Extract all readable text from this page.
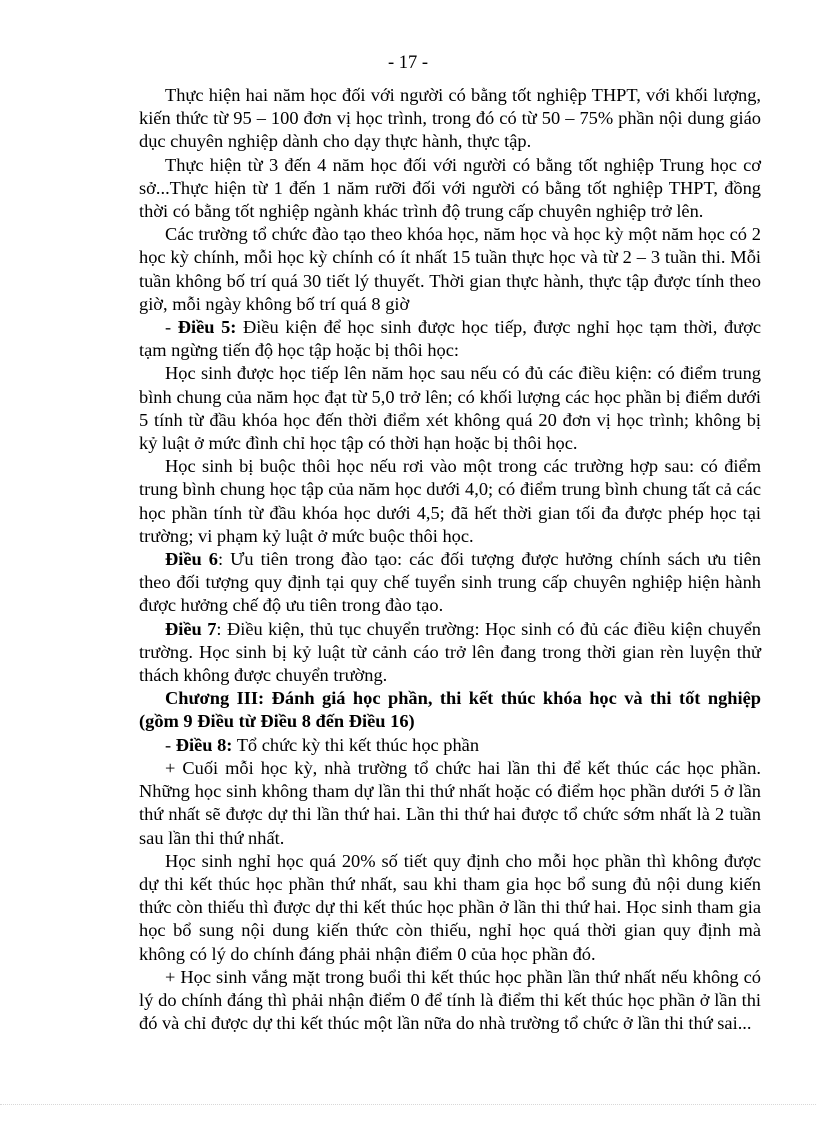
- 17 -

Thực hiện hai năm học đối với người có bằng tốt nghiệp THPT, với khối lượng, kiến thức từ 95 – 100 đơn vị học trình, trong đó có từ 50 – 75% phần nội dung giáo dục chuyên nghiệp dành cho dạy thực hành, thực tập.

Thực hiện từ 3 đến 4 năm học đối với người có bằng tốt nghiệp Trung học cơ sở...Thực hiện từ 1 đến 1 năm rưỡi đối với người có bằng tốt nghiệp THPT, đồng thời có bằng tốt nghiệp ngành khác trình độ trung cấp chuyên nghiệp trở lên.

Các trường tổ chức đào tạo theo khóa học, năm học và học kỳ một năm học có 2 học kỳ chính, mỗi học kỳ chính có ít nhất 15 tuần thực học và từ 2 – 3 tuần thi. Mỗi tuần không bố trí quá 30 tiết lý thuyết. Thời gian thực hành, thực tập được tính theo giờ, mỗi ngày không bố trí quá 8 giờ

- Điều 5: Điều kiện để học sinh được học tiếp, được nghỉ học tạm thời, được tạm ngừng tiến độ học tập hoặc bị thôi học:

Học sinh được học tiếp lên năm học sau nếu có đủ các điều kiện: có điểm trung bình chung của năm học đạt từ 5,0 trở lên; có khối lượng các học phần bị điểm dưới 5 tính từ đầu khóa học đến thời điểm xét không quá 20 đơn vị học trình; không bị kỷ luật ở mức đình chỉ học tập có thời hạn hoặc bị thôi học.

Học sinh bị buộc thôi học nếu rơi vào một trong các trường hợp sau: có điểm trung bình chung học tập của năm học dưới 4,0; có điểm trung bình chung tất cả các học phần tính từ đầu khóa học dưới 4,5; đã hết thời gian tối đa được phép học tại trường; vi phạm kỷ luật ở mức buộc thôi học.

Điều 6: Ưu tiên trong đào tạo: các đối tượng được hưởng chính sách ưu tiên theo đối tượng quy định tại quy chế tuyển sinh trung cấp chuyên nghiệp hiện hành được hưởng chế độ ưu tiên trong đào tạo.

Điều 7: Điều kiện, thủ tục chuyển trường: Học sinh có đủ các điều kiện chuyển trường. Học sinh bị kỷ luật từ cảnh cáo trở lên đang trong thời gian rèn luyện thử thách không được chuyển trường.

Chương III: Đánh giá học phần, thi kết thúc khóa học và thi tốt nghiệp (gồm 9 Điều từ Điều 8 đến Điều 16)

- Điều 8: Tổ chức kỳ thi kết thúc học phần

+ Cuối mỗi học kỳ, nhà trường tổ chức hai lần thi để kết thúc các học phần. Những học sinh không tham dự lần thi thứ nhất hoặc có điểm học phần dưới 5 ở lần thứ nhất sẽ được dự thi lần thứ hai. Lần thi thứ hai được tổ chức sớm nhất là 2 tuần sau lần thi thứ nhất.

Học sinh nghỉ học quá 20% số tiết quy định cho mỗi học phần thì không được dự thi kết thúc học phần thứ nhất, sau khi tham gia học bổ sung đủ nội dung kiến thức còn thiếu thì được dự thi kết thúc học phần ở lần thi thứ hai. Học sinh tham gia học bổ sung nội dung kiến thức còn thiếu, nghỉ học quá thời gian quy định mà không có lý do chính đáng phải nhận điểm 0 của học phần đó.

+ Học sinh vắng mặt trong buổi thi kết thúc học phần lần thứ nhất nếu không có lý do chính đáng thì phải nhận điểm 0 để tính là điểm thi kết thúc học phần ở lần thi đó và chỉ được dự thi kết thúc một lần nữa do nhà trường tổ chức ở lần thi thứ sai...
